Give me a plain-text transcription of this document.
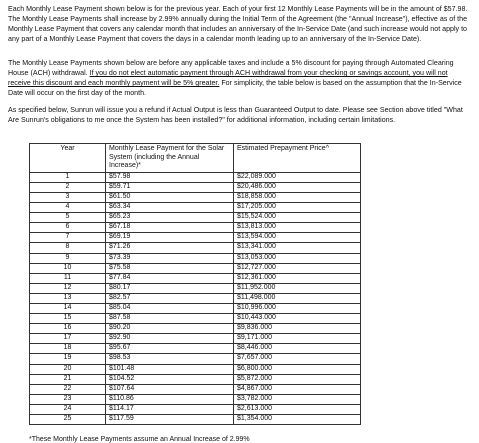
Each Monthly Lease Payment shown below is for the previous year. Each of your first 12 Monthly Lease Payments will be in the amount of $57.98. The Monthly Lease Payments shall increase by 2.99% annually during the Initial Term of the Agreement (the "Annual Increase"), effective as of the Monthly Lease Payment that covers any calendar month that includes an anniversary of the In-Service Date (and such increase would not apply to any part of a Monthly Lease Payment that covers the days in a calendar month leading up to an anniversary of the In-Service Date).

The Monthly Lease Payments shown below are before any applicable taxes and include a 5% discount for paying through Automated Clearing House (ACH) withdrawal. If you do not elect automatic payment through ACH withdrawal from your checking or savings account, you will not receive this discount and each monthly payment will be 5% greater. For simplicity, the table below is based on the assumption that the In-Service Date will occur on the first day of the month.

As specified below, Sunrun will issue you a refund if Actual Output is less than Guaranteed Output to date. Please see Section above titled "What Are Sunrun's obligations to me once the System has been installed?" for additional information, including certain limitations.

Year	Monthly Lease Payment for the Solar System (including the Annual Increase)*	Estimated Prepayment Price^
1	$57.98	$22,089.000
2	$59.71	$20,486.000
3	$61.50	$18,858.000
4	$63.34	$17,205.000
5	$65.23	$15,524.000
6	$67.18	$13,813.000
7	$69.19	$13,594.000
8	$71.26	$13,341.000
9	$73.39	$13,053.000
10	$75.58	$12,727.000
11	$77.84	$12,361.000
12	$80.17	$11,952.000
13	$82.57	$11,498.000
14	$85.04	$10,996.000
15	$87.58	$10,443.000
16	$90.20	$9,836.000
17	$92.90	$9,171.000
18	$95.67	$8,446.000
19	$98.53	$7,657.000
20	$101.48	$6,800.000
21	$104.52	$5,872.000
22	$107.64	$4,867.000
23	$110.86	$3,782.000
24	$114.17	$2,613.000
25	$117.59	$1,354.000

*These Monthly Lease Payments assume an Annual Increase of 2.99%
